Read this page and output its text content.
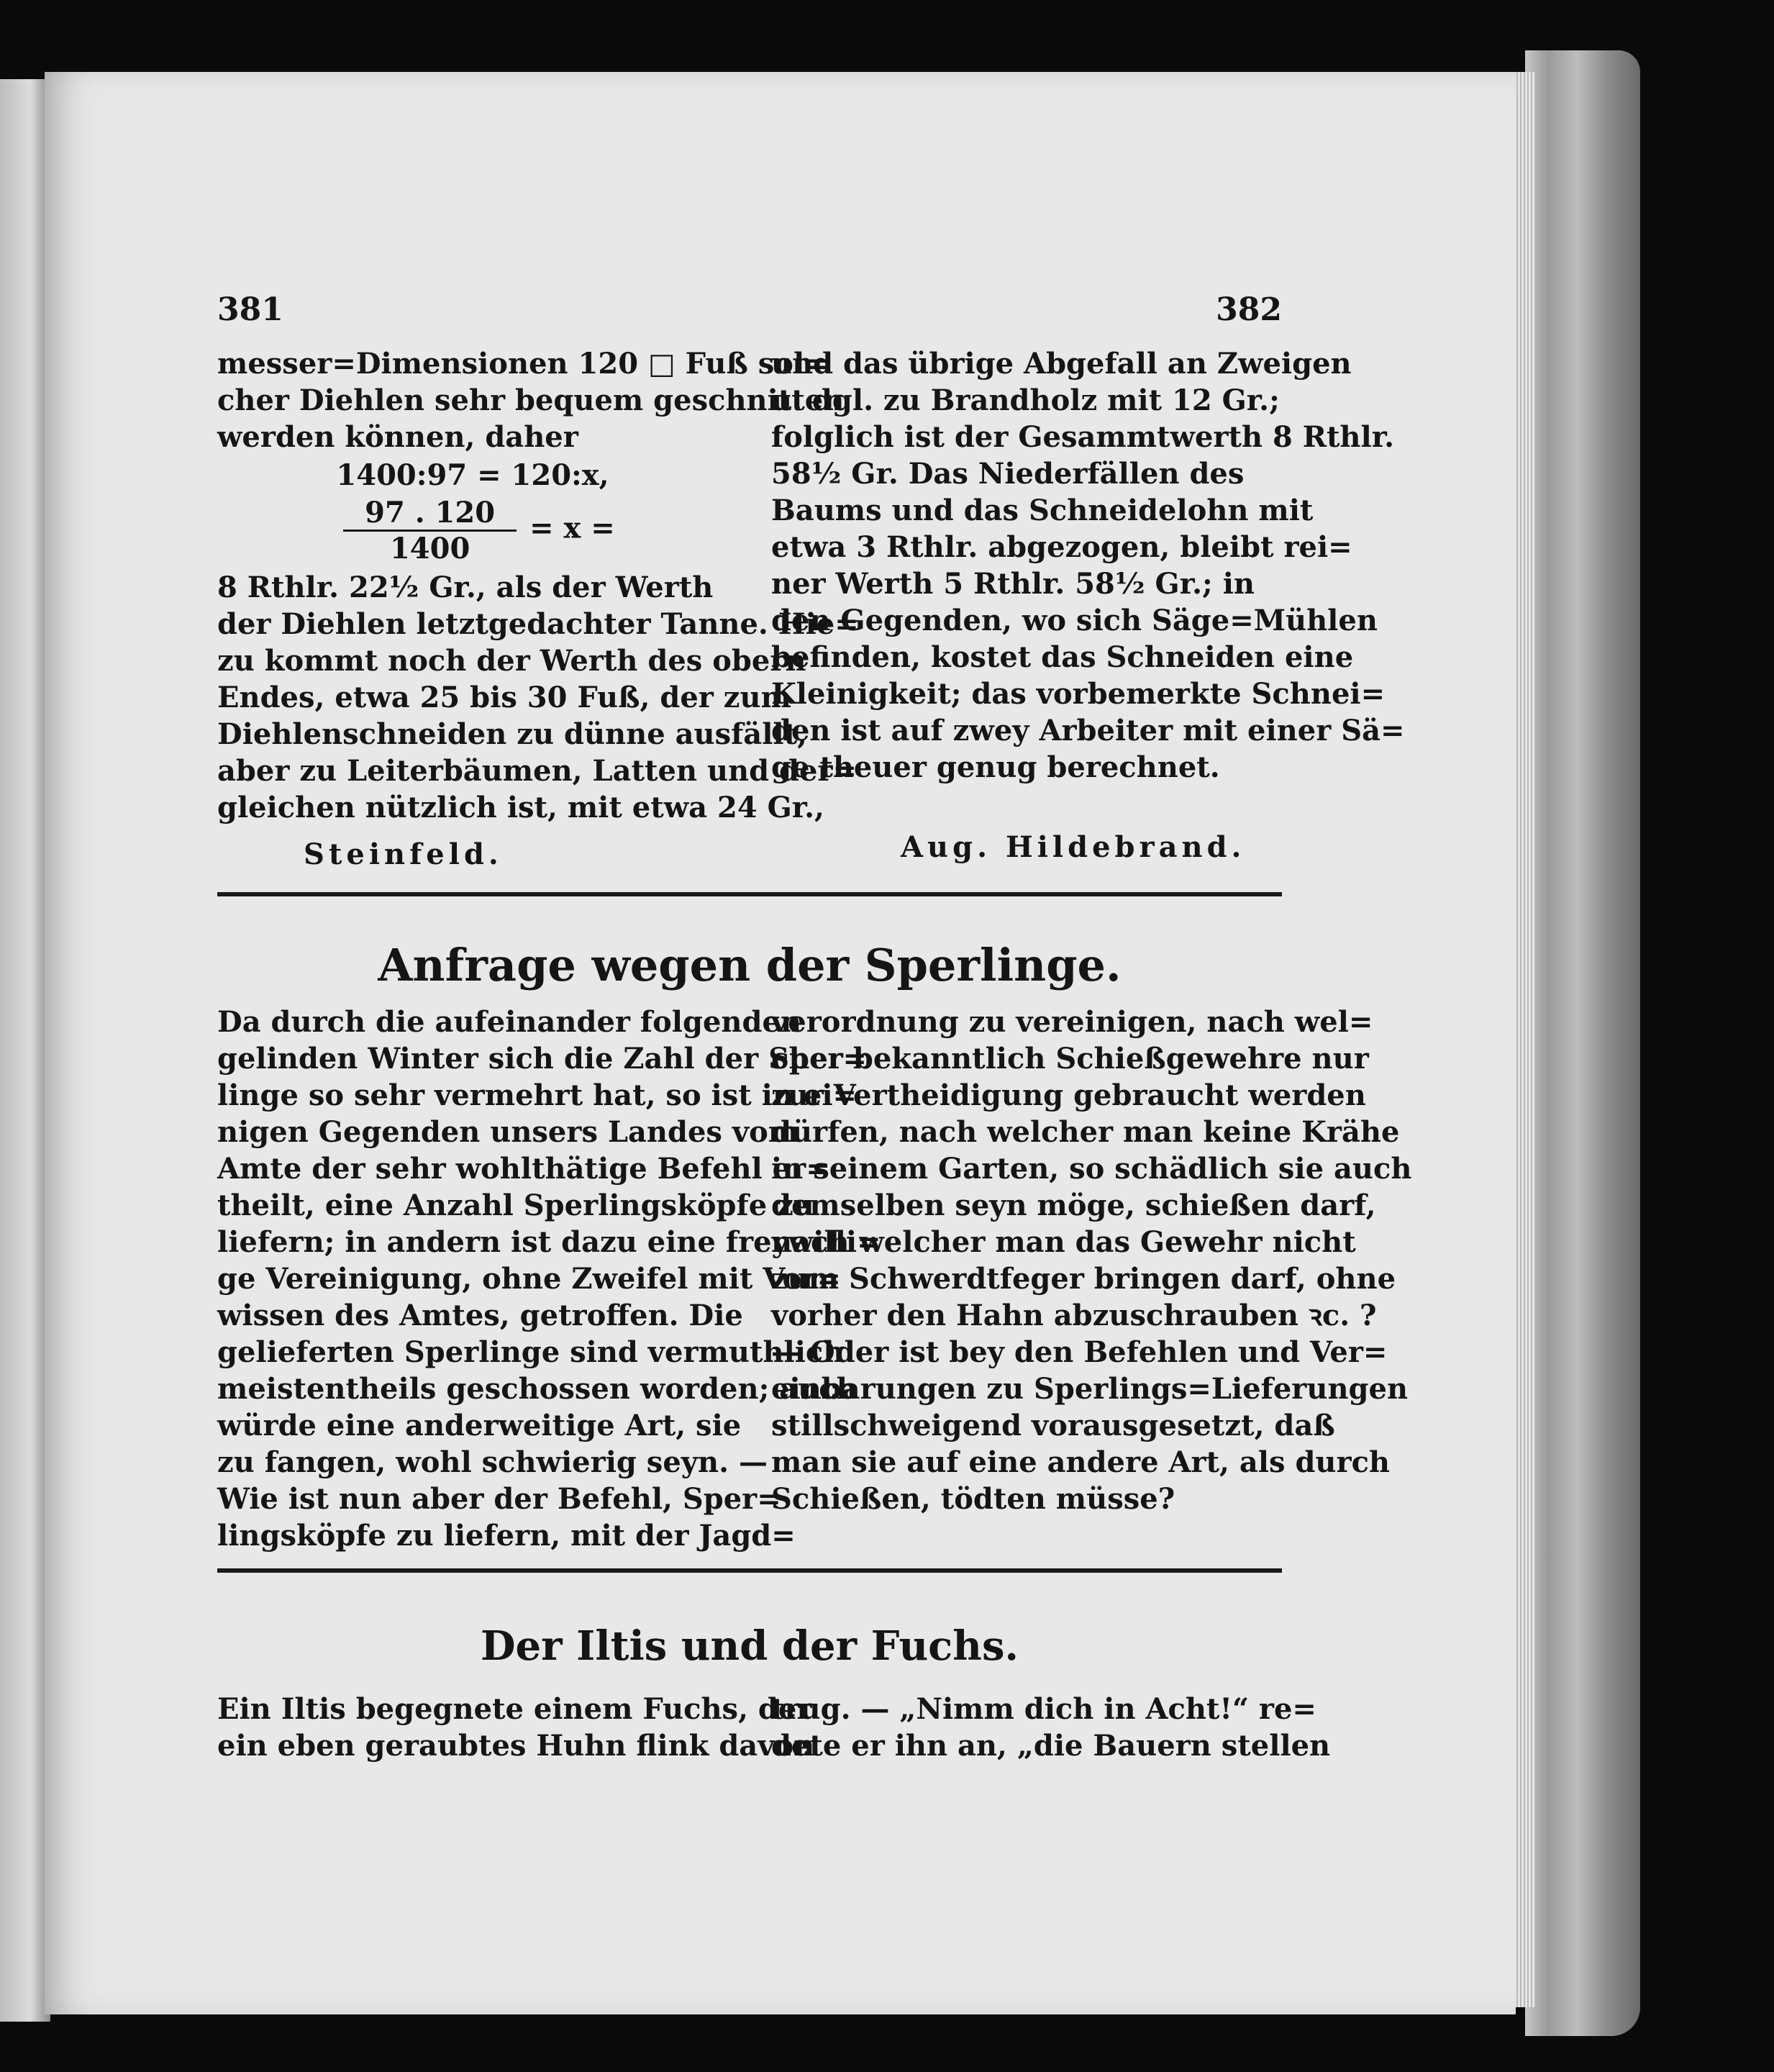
381	382
messer=Dimensionen 120 □ Fuß sol=
cher Diehlen sehr bequem geschnitten
werden können, daher
1400:97 = 120:x,
$\frac{97 . 120}{1400} = x$ =
8 Rthlr. 22½ Gr., als der Werth
der Diehlen letztgedachter Tanne. Hie=
zu kommt noch der Werth des obern
Endes, etwa 25 bis 30 Fuß, der zum
Diehlenschneiden zu dünne ausfällt,
aber zu Leiterbäumen, Latten und der=
gleichen nützlich ist, mit etwa 24 Gr.,
Steinfeld.
und das übrige Abgefall an Zweigen
u. dgl. zu Brandholz mit 12 Gr.;
folglich ist der Gesammtwerth 8 Rthlr.
58½ Gr. Das Niederfällen des
Baums und das Schneidelohn mit
etwa 3 Rthlr. abgezogen, bleibt rei=
ner Werth 5 Rthlr. 58½ Gr.; in
den Gegenden, wo sich Säge=Mühlen
befinden, kostet das Schneiden eine
Kleinigkeit; das vorbemerkte Schnei=
den ist auf zwey Arbeiter mit einer Sä=
ge theuer genug berechnet.
Aug. Hildebrand.
Anfrage wegen der Sperlinge.
Da durch die aufeinander folgenden
gelinden Winter sich die Zahl der Sper=
linge so sehr vermehrt hat, so ist in ei=
nigen Gegenden unsers Landes vom
Amte der sehr wohlthätige Befehl er=
theilt, eine Anzahl Sperlingsköpfe zu
liefern; in andern ist dazu eine freywilli=
ge Vereinigung, ohne Zweifel mit Vor=
wissen des Amtes, getroffen. Die
gelieferten Sperlinge sind vermuthlich
meistentheils geschossen worden; auch
würde eine anderweitige Art, sie
zu fangen, wohl schwierig seyn. —
Wie ist nun aber der Befehl, Sper=
lingsköpfe zu liefern, mit der Jagd=
verordnung zu vereinigen, nach wel=
cher bekanntlich Schießgewehre nur
zur Vertheidigung gebraucht werden
dürfen, nach welcher man keine Krähe
in seinem Garten, so schädlich sie auch
demselben seyn möge, schießen darf,
nach welcher man das Gewehr nicht
zum Schwerdtfeger bringen darf, ohne
vorher den Hahn abzuschrauben ꝛc. ?
— Oder ist bey den Befehlen und Ver=
einbarungen zu Sperlings=Lieferungen
stillschweigend vorausgesetzt, daß
man sie auf eine andere Art, als durch
Schießen, tödten müsse?
Der Iltis und der Fuchs.
Ein Iltis begegnete einem Fuchs, der
ein eben geraubtes Huhn flink davon
trug. — „Nimm dich in Acht!“ re=
dete er ihn an, „die Bauern stellen
